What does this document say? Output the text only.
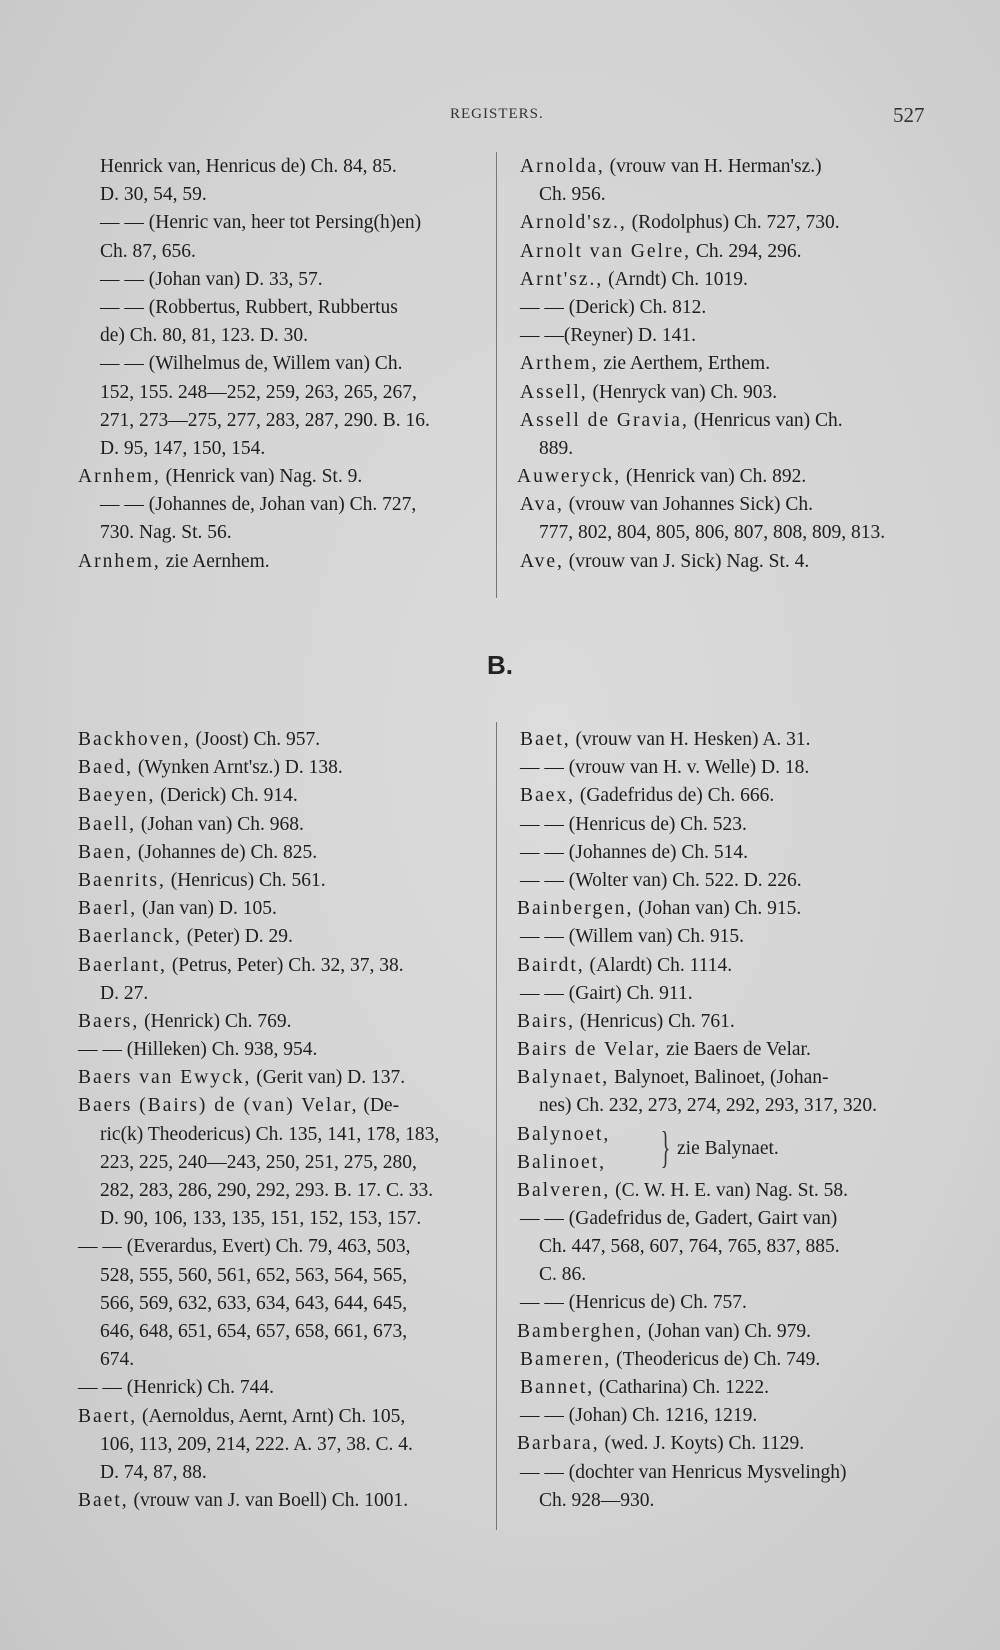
REGISTERS.	527
Henrick van, Henricus de) Ch. 84, 85.
D. 30, 54, 59.
— — (Henric van, heer tot Persing(h)en)
Ch. 87, 656.
— — (Johan van) D. 33, 57.
— — (Robbertus, Rubbert, Rubbertus
de) Ch. 80, 81, 123. D. 30.
— — (Wilhelmus de, Willem van) Ch.
152, 155. 248—252, 259, 263, 265, 267,
271, 273—275, 277, 283, 287, 290. B. 16.
D. 95, 147, 150, 154.
Arnhem, (Henrick van) Nag. St. 9.
— — (Johannes de, Johan van) Ch. 727,
730. Nag. St. 56.
Arnhem, zie Aernhem.
Arnolda, (vrouw van H. Herman'sz.)
Ch. 956.
Arnold'sz., (Rodolphus) Ch. 727, 730.
Arnolt van Gelre, Ch. 294, 296.
Arnt'sz., (Arndt) Ch. 1019.
— — (Derick) Ch. 812.
— —(Reyner) D. 141.
Arthem, zie Aerthem, Erthem.
Assell, (Henryck van) Ch. 903.
Assell de Gravia, (Henricus van) Ch.
889.
Auweryck, (Henrick van) Ch. 892.
Ava, (vrouw van Johannes Sick) Ch.
777, 802, 804, 805, 806, 807, 808, 809, 813.
Ave, (vrouw van J. Sick) Nag. St. 4.
B.
Backhoven, (Joost) Ch. 957.
Baed, (Wynken Arnt'sz.) D. 138.
Baeyen, (Derick) Ch. 914.
Baell, (Johan van) Ch. 968.
Baen, (Johannes de) Ch. 825.
Baenrits, (Henricus) Ch. 561.
Baerl, (Jan van) D. 105.
Baerlanck, (Peter) D. 29.
Baerlant, (Petrus, Peter) Ch. 32, 37, 38.
D. 27.
Baers, (Henrick) Ch. 769.
— — (Hilleken) Ch. 938, 954.
Baers van Ewyck, (Gerit van) D. 137.
Baers (Bairs) de (van) Velar, (De-
ric(k) Theodericus) Ch. 135, 141, 178, 183,
223, 225, 240—243, 250, 251, 275, 280,
282, 283, 286, 290, 292, 293. B. 17. C. 33.
D. 90, 106, 133, 135, 151, 152, 153, 157.
— — (Everardus, Evert) Ch. 79, 463, 503,
528, 555, 560, 561, 652, 563, 564, 565,
566, 569, 632, 633, 634, 643, 644, 645,
646, 648, 651, 654, 657, 658, 661, 673,
674.
— — (Henrick) Ch. 744.
Baert, (Aernoldus, Aernt, Arnt) Ch. 105,
106, 113, 209, 214, 222. A. 37, 38. C. 4.
D. 74, 87, 88.
Baet, (vrouw van J. van Boell) Ch. 1001.
Baet, (vrouw van H. Hesken) A. 31.
— — (vrouw van H. v. Welle) D. 18.
Baex, (Gadefridus de) Ch. 666.
— — (Henricus de) Ch. 523.
— — (Johannes de) Ch. 514.
— — (Wolter van) Ch. 522. D. 226.
Bainbergen, (Johan van) Ch. 915.
— — (Willem van) Ch. 915.
Bairdt, (Alardt) Ch. 1114.
— — (Gairt) Ch. 911.
Bairs, (Henricus) Ch. 761.
Bairs de Velar, zie Baers de Velar.
Balynaet, Balynoet, Balinoet, (Johan-
nes) Ch. 232, 273, 274, 292, 293, 317, 320.
Balynoet,
Balinoet, } zie Balynaet.
Balveren, (C. W. H. E. van) Nag. St. 58.
— — (Gadefridus de, Gadert, Gairt van)
Ch. 447, 568, 607, 764, 765, 837, 885.
C. 86.
— — (Henricus de) Ch. 757.
Bamberghen, (Johan van) Ch. 979.
Bameren, (Theodericus de) Ch. 749.
Bannet, (Catharina) Ch. 1222.
— — (Johan) Ch. 1216, 1219.
Barbara, (wed. J. Koyts) Ch. 1129.
— — (dochter van Henricus Mysvelingh)
Ch. 928—930.
